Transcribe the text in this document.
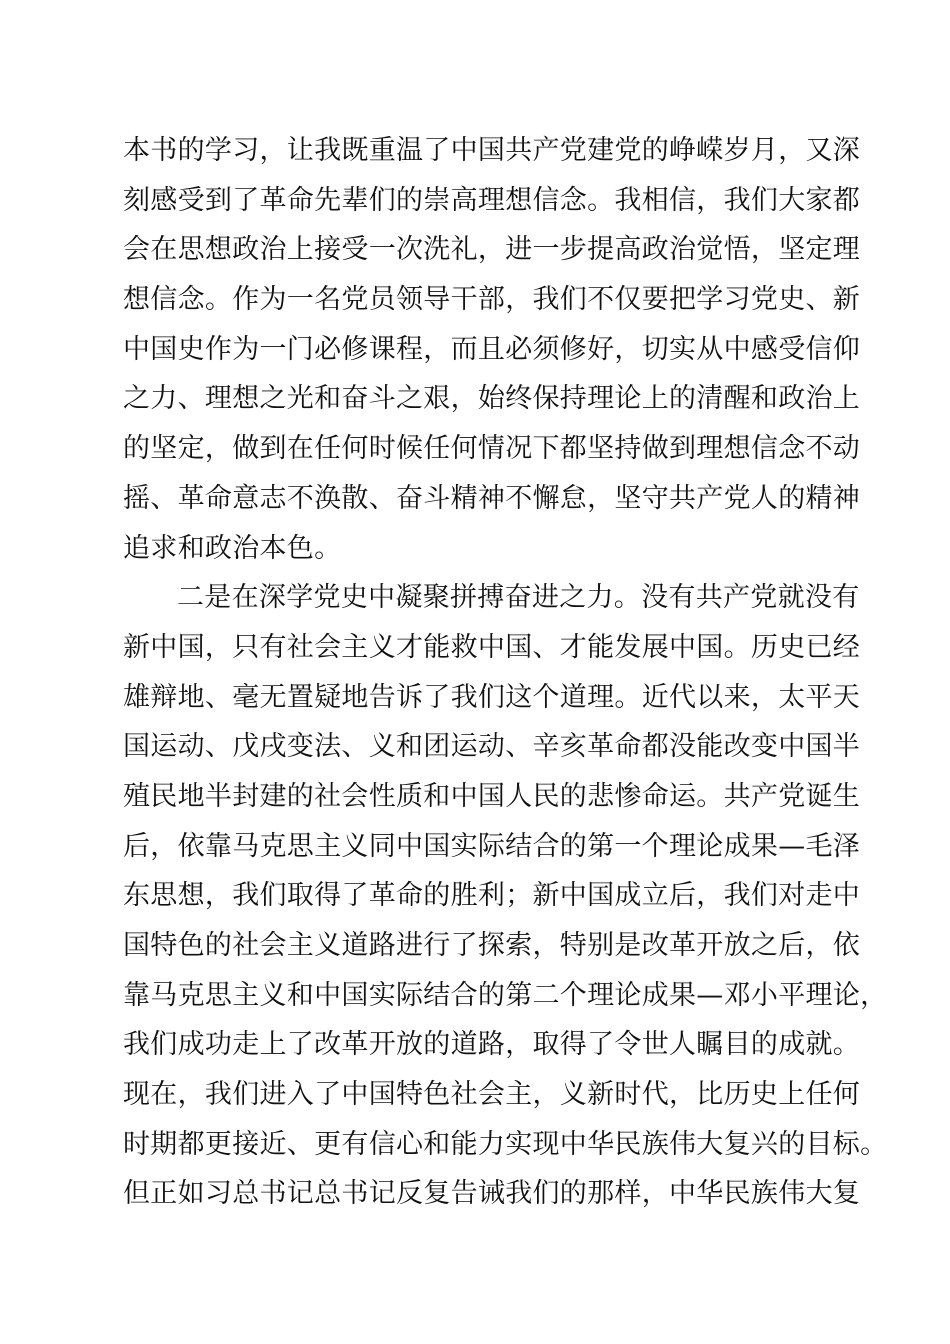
本书的学习，让我既重温了中国共产党建党的峥嵘岁月，又深
刻感受到了革命先辈们的崇高理想信念。我相信，我们大家都
会在思想政治上接受一次洗礼，进一步提高政治觉悟，坚定理
想信念。作为一名党员领导干部，我们不仅要把学习党史、新
中国史作为一门必修课程，而且必须修好，切实从中感受信仰
之力、理想之光和奋斗之艰，始终保持理论上的清醒和政治上
的坚定，做到在任何时候任何情况下都坚持做到理想信念不动
摇、革命意志不涣散、奋斗精神不懈怠，坚守共产党人的精神
追求和政治本色。
二是在深学党史中凝聚拼搏奋进之力。没有共产党就没有
新中国，只有社会主义才能救中国、才能发展中国。历史已经
雄辩地、毫无置疑地告诉了我们这个道理。近代以来，太平天
国运动、戊戌变法、义和团运动、辛亥革命都没能改变中国半
殖民地半封建的社会性质和中国人民的悲惨命运。共产党诞生
后，依靠马克思主义同中国实际结合的第一个理论成果—毛泽
东思想，我们取得了革命的胜利；新中国成立后，我们对走中
国特色的社会主义道路进行了探索，特别是改革开放之后，依
靠马克思主义和中国实际结合的第二个理论成果—邓小平理论，
我们成功走上了改革开放的道路，取得了令世人瞩目的成就。
现在，我们进入了中国特色社会主，义新时代，比历史上任何
时期都更接近、更有信心和能力实现中华民族伟大复兴的目标。
但正如习总书记总书记反复告诫我们的那样，中华民族伟大复
